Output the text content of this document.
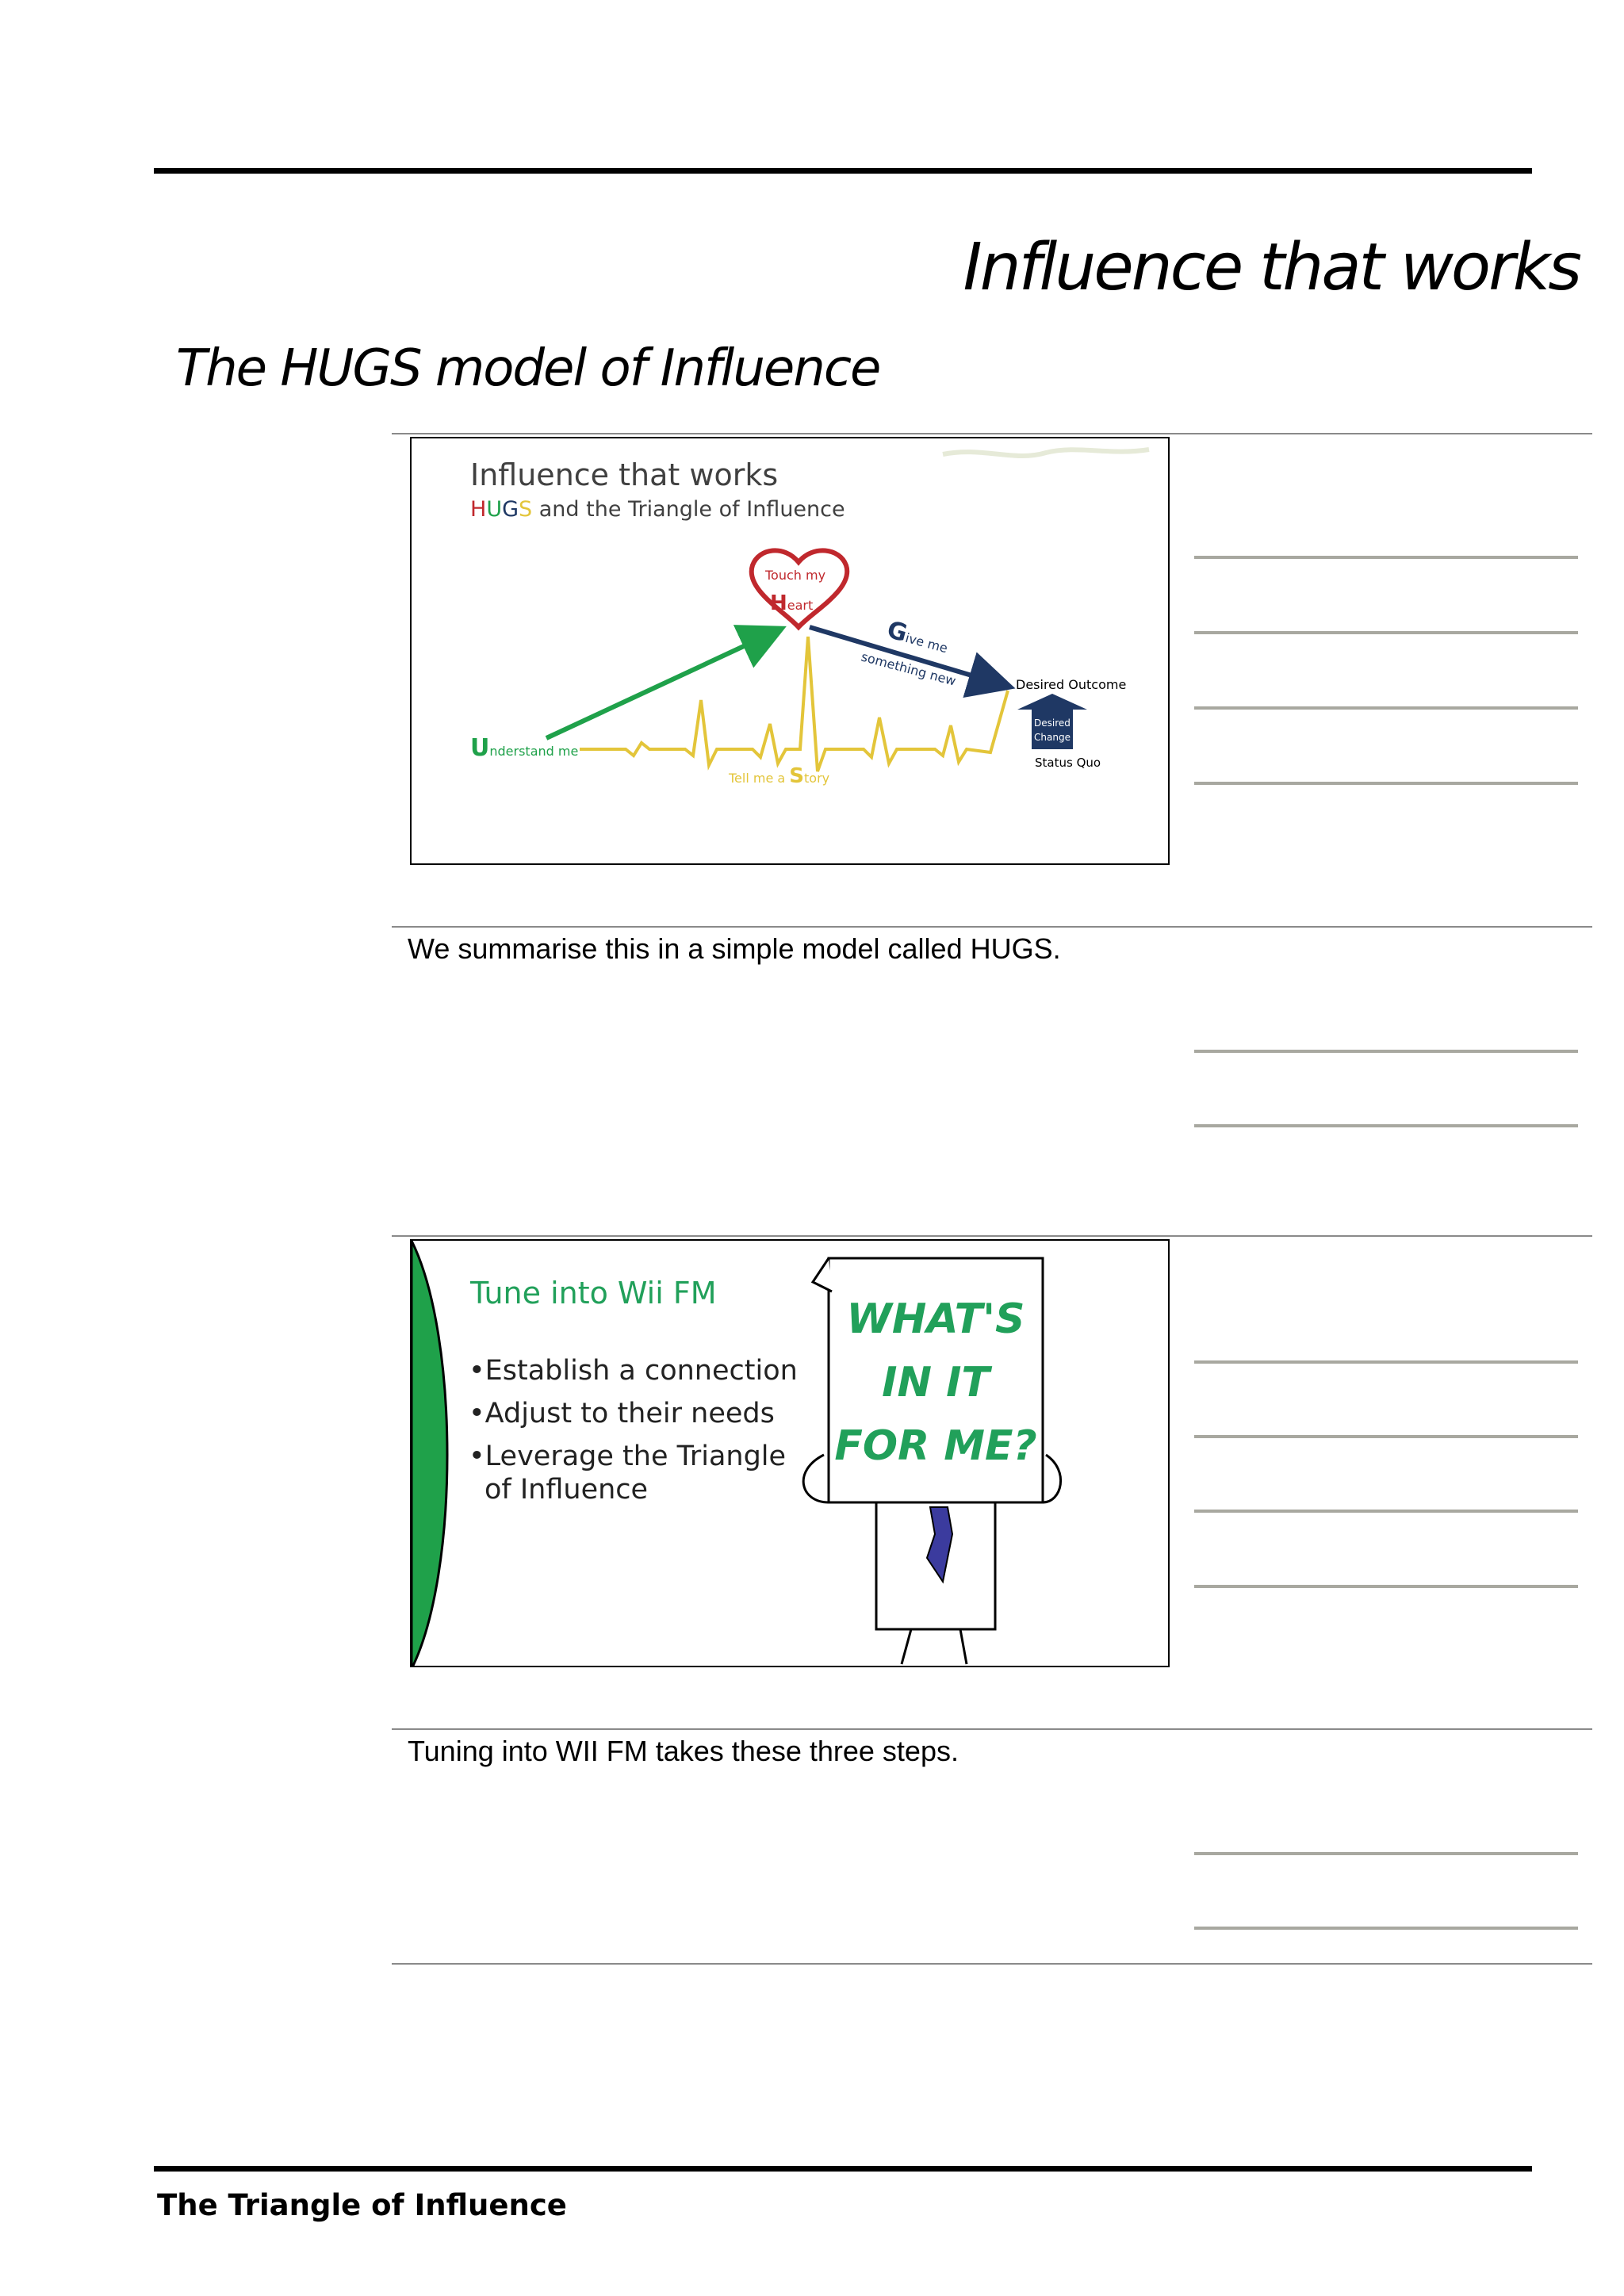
Influence that works
The HUGS model of Influence
Influence that works
HUGS and the Triangle of Influence
Touch my
Heart
Understand me
Give me
something new
Tell me a Story
Desired Outcome
Desired
Change
Status Quo
We summarise this in a simple model called HUGS.
WHAT'S
IN IT
FOR ME?
Tune into Wii FM
•Establish a connection
•Adjust to their needs
•Leverage the Triangle
of Influence
Tuning into WII FM takes these three steps.
The Triangle of Influence
